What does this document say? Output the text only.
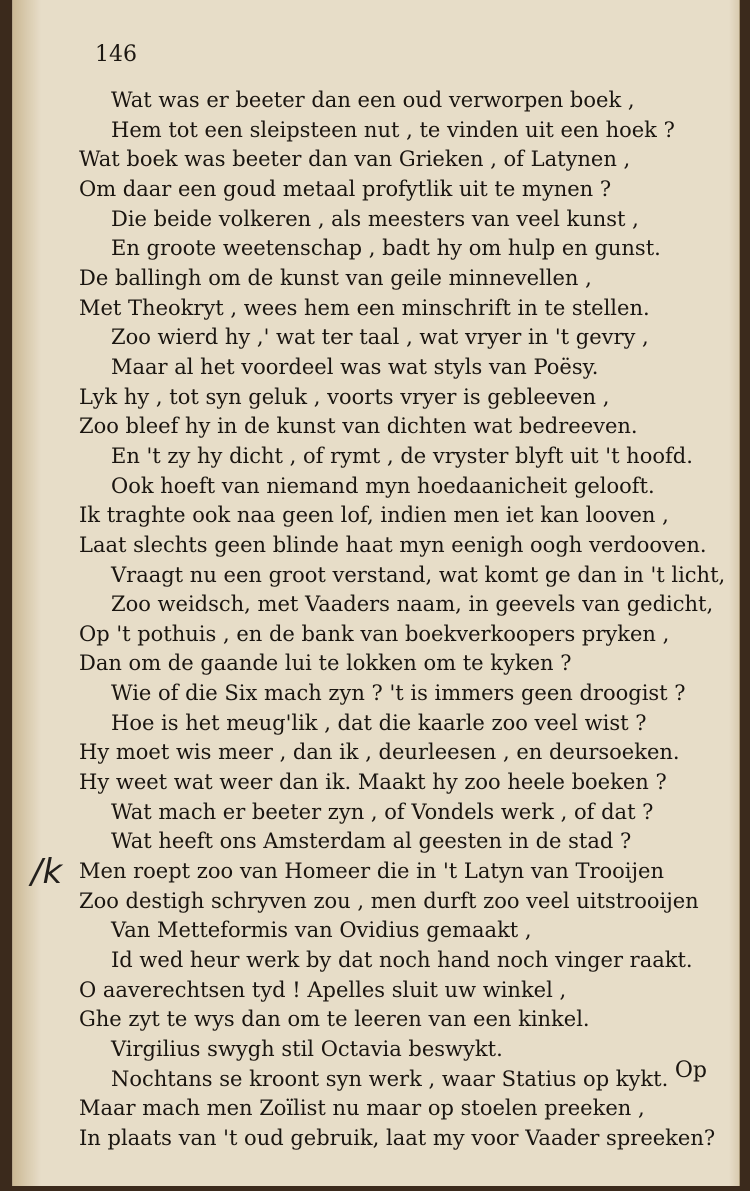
146

Wat was er beeter dan een oud verworpen boek ,
Hem tot een sleipsteen nut , te vinden uit een hoek ?
Wat boek was beeter dan van Grieken , of Latynen ,
Om daar een goud metaal profytlik uit te mynen ?
Die beide volkeren , als meesters van veel kunst ,
En groote weetenschap , badt hy om hulp en gunst.
De ballingh om de kunst van geile minnevellen ,
Met Theokryt , wees hem een minschrift in te stellen.
Zoo wierd hy ,' wat ter taal , wat vryer in 't gevry ,
Maar al het voordeel was wat styls van Poësy.
Lyk hy , tot syn geluk , voorts vryer is gebleeven ,
Zoo bleef hy in de kunst van dichten wat bedreeven.
En 't zy hy dicht , of rymt , de vryster blyft uit 't hoofd.
Ook hoeft van niemand myn hoedaanicheit gelooft.
Ik traghte ook naa geen lof, indien men iet kan looven ,
Laat slechts geen blinde haat myn eenigh oogh verdooven.
Vraagt nu een groot verstand, wat komt ge dan in 't licht,
Zoo weidsch, met Vaaders naam, in geevels van gedicht,
Op 't pothuis , en de bank van boekverkoopers pryken ,
Dan om de gaande lui te lokken om te kyken ?
Wie of die Six mach zyn ? 't is immers geen droogist ?
Hoe is het meug'lik , dat die kaarle zoo veel wist ?
Hy moet wis meer , dan ik , deurleesen , en deursoeken.
Hy weet wat weer dan ik. Maakt hy zoo heele boeken ?
Wat mach er beeter zyn , of Vondels werk , of dat ?
Wat heeft ons Amsterdam al geesten in de stad ?
Men roept zoo van Homeer die in 't Latyn van Trooijen
Zoo destigh schryven zou , men durft zoo veel uitstrooijen
Van Metteformis van Ovidius gemaakt ,
Id wed heur werk by dat noch hand noch vinger raakt.
O aaverechtsen tyd ! Apelles sluit uw winkel ,
Ghe zyt te wys dan om te leeren van een kinkel.
Virgilius swygh stil Octavia beswykt.
Nochtans se kroont syn werk , waar Statius op kykt.
Maar mach men Zoïlist nu maar op stoelen preeken ,
In plaats van 't oud gebruik, laat my voor Vaader spreeken?
/k
Op
